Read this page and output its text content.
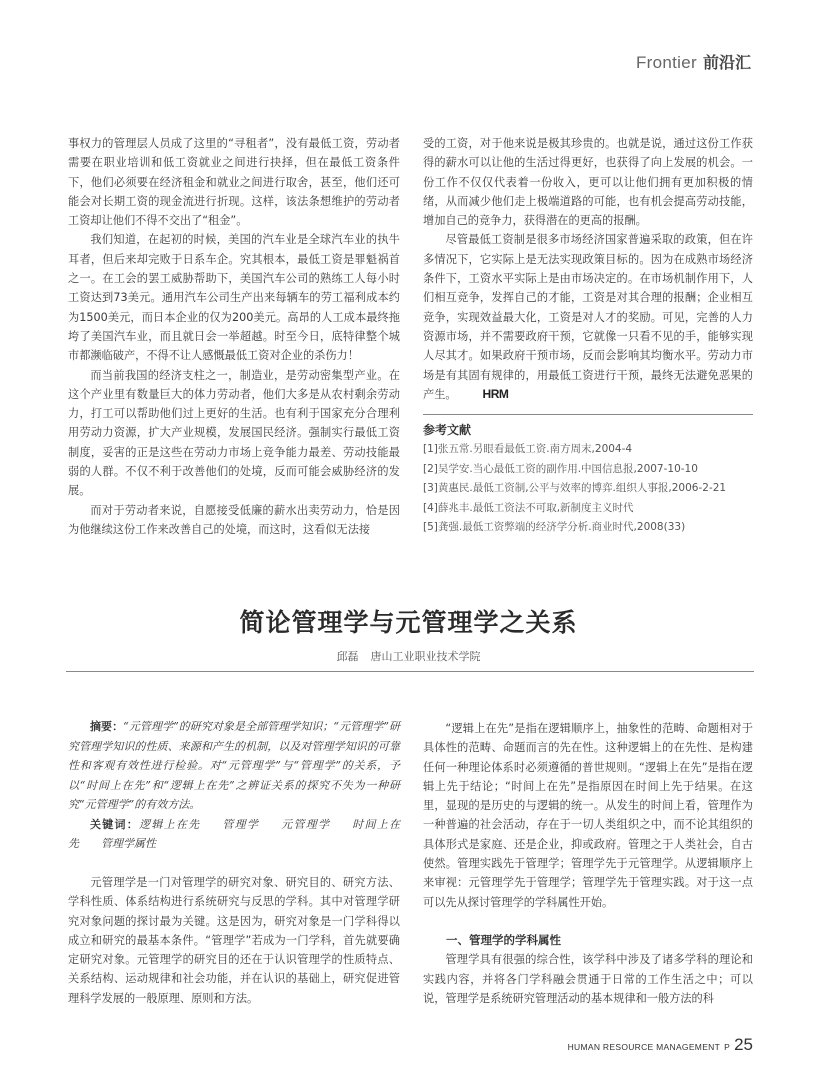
Frontier 前沿汇

事权力的管理层人员成了这里的“寻租者”，没有最低工资，劳动者需要在职业培训和低工资就业之间进行抉择，但在最低工资条件下，他们必须要在经济租金和就业之间进行取舍，甚至，他们还可能会对长期工资的现金流进行折现。这样，该法条想维护的劳动者工资却让他们不得不交出了“租金”。

我们知道，在起初的时候，美国的汽车业是全球汽车业的执牛耳者，但后来却完败于日系车企。究其根本，最低工资是罪魁祸首之一。在工会的罢工威胁帮助下，美国汽车公司的熟练工人每小时工资达到73美元。通用汽车公司生产出来每辆车的劳工福利成本约为1500美元，而日本企业的仅为200美元。高昂的人工成本最终拖垮了美国汽车业，而且就日会一举超越。时至今日，底特律整个城市都濒临破产，不得不让人感慨最低工资对企业的杀伤力！

而当前我国的经济支柱之一，制造业，是劳动密集型产业。在这个产业里有数量巨大的体力劳动者，他们大多是从农村剩余劳动力，打工可以帮助他们过上更好的生活。也有利于国家充分合理利用劳动力资源，扩大产业规模，发展国民经济。强制实行最低工资制度，妥害的正是这些在劳动力市场上竞争能力最差、劳动技能最弱的人群。不仅不利于改善他们的处境，反而可能会威胁经济的发展。

而对于劳动者来说，自愿接受低廉的薪水出卖劳动力，恰是因为他继续这份工作来改善自己的处境，而这时，这看似无法接

受的工资，对于他来说是极其珍贵的。也就是说，通过这份工作获得的薪水可以让他的生活过得更好，也获得了向上发展的机会。一份工作不仅仅代表着一份收入，更可以让他们拥有更加积极的情绪，从而减少他们走上极端道路的可能，也有机会提高劳动技能，增加自己的竞争力，获得潜在的更高的报酬。

尽管最低工资制是很多市场经济国家普遍采取的政策，但在许多情况下，它实际上是无法实现政策目标的。因为在成熟市场经济条件下，工资水平实际上是由市场决定的。在市场机制作用下，人们相互竞争，发挥自己的才能，工资是对其合理的报酬；企业相互竞争，实现效益最大化，工资是对人才的奖励。可见，完善的人力资源市场，并不需要政府干预，它就像一只看不见的手，能够实现人尽其才。如果政府干预市场，反而会影响其均衡水平。劳动力市场是有其固有规律的，用最低工资进行干预，最终无法避免恶果的产生。 HRM

参考文献
[1]张五常.另眼看最低工资.南方周末,2004-4
[2]吴学安.当心最低工资的副作用.中国信息报,2007-10-10
[3]黄惠民.最低工资制,公平与效率的博弈.组织人事报,2006-2-21
[4]薛兆丰.最低工资法不可取,新制度主义时代
[5]龚强.最低工资弊端的经济学分析.商业时代,2008(33)
简论管理学与元管理学之关系
邱磊 唐山工业职业技术学院

摘要：“元管理学”的研究对象是全部管理学知识；“元管理学”研究管理学知识的性质、来源和产生的机制，以及对管理学知识的可靠性和客观有效性进行检验。对“元管理学”与“管理学”的关系，予以“时间上在先”和“逻辑上在先”之辨证关系的探究不失为一种研究“元管理学”的有效方法。

关键词：逻辑上在先 管理学 元管理学 时间上在先 管理学属性

元管理学是一门对管理学的研究对象、研究目的、研究方法、学科性质、体系结构进行系统研究与反思的学科。其中对管理学研究对象问题的探讨最为关键。这是因为，研究对象是一门学科得以成立和研究的最基本条件。“管理学”若成为一门学科，首先就要确定研究对象。元管理学的研究目的还在于认识管理学的性质特点、关系结构、运动规律和社会功能，并在认识的基础上，研究促进管理科学发展的一般原理、原则和方法。

“逻辑上在先”是指在逻辑顺序上，抽象性的范畴、命题相对于具体性的范畴、命题而言的先在性。这种逻辑上的在先性、是构建任何一种理论体系时必须遵循的普世规则。“逻辑上在先”是指在逻辑上先于结论；“时间上在先”是指原因在时间上先于结果。在这里，显现的是历史的与逻辑的统一。从发生的时间上看，管理作为一种普遍的社会活动，存在于一切人类组织之中，而不论其组织的具体形式是家庭、还是企业，抑或政府。管理之于人类社会，自古使然。管理实践先于管理学；管理学先于元管理学。从逻辑顺序上来审视：元管理学先于管理学；管理学先于管理实践。对于这一点可以先从探讨管理学的学科属性开始。

一、管理学的学科属性

管理学具有很强的综合性，该学科中涉及了诸多学科的理论和实践内容，并将各门学科融会贯通于日常的工作生活之中；可以说，管理学是系统研究管理活动的基本规律和一般方法的科

HUMAN RESOURCE MANAGEMENT P 25
